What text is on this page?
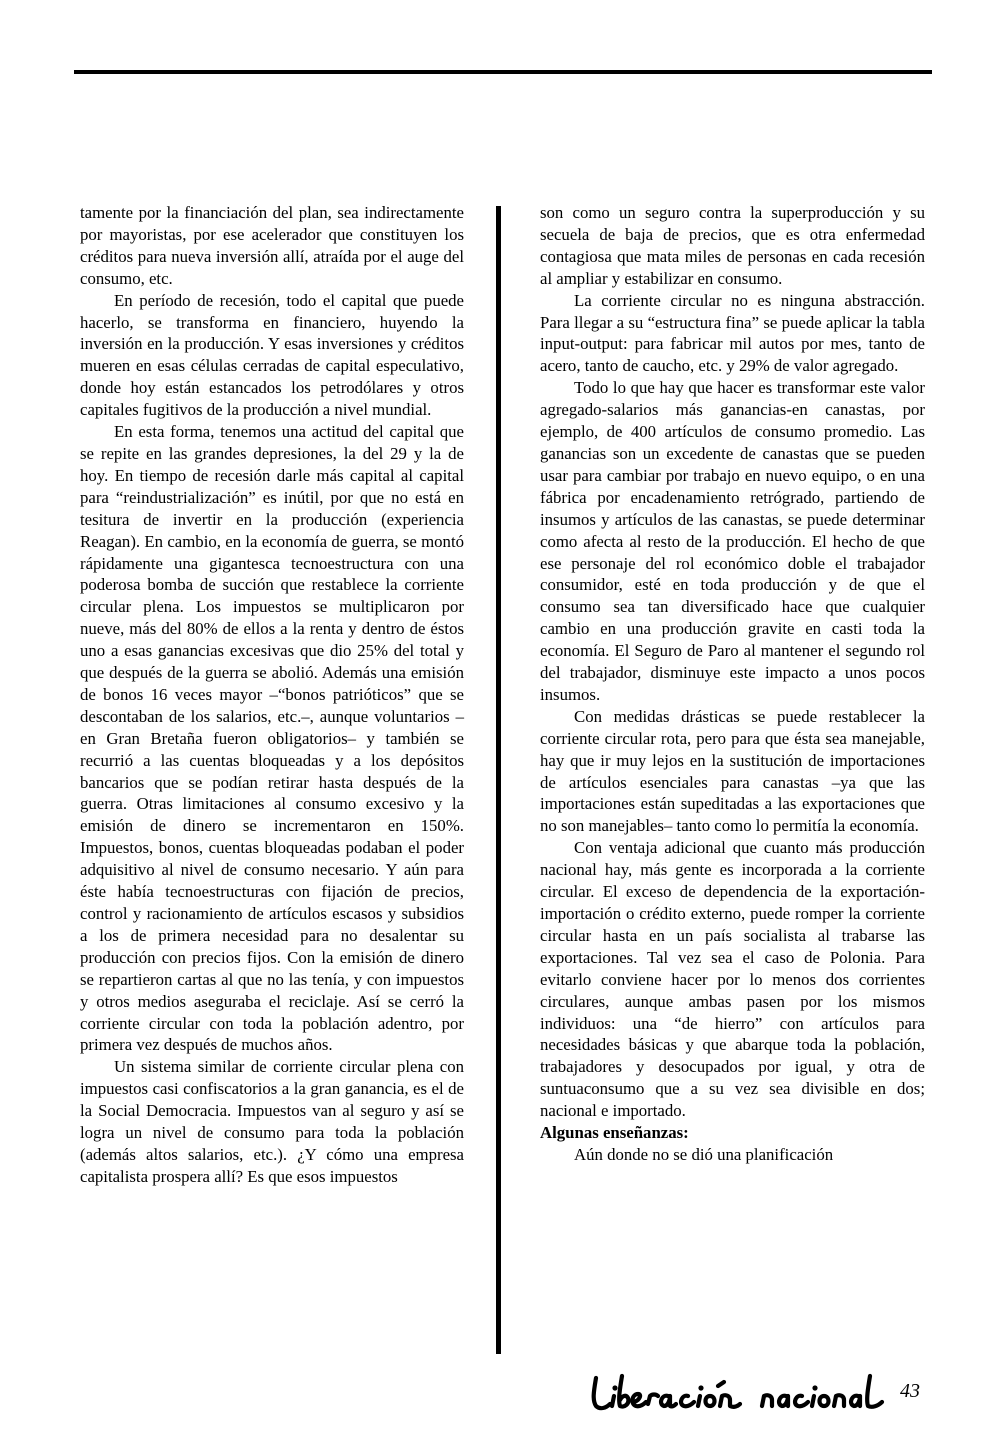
tamente por la financiación del plan, sea indirectamente por mayoristas, por ese acelerador que constituyen los créditos para nueva inversión allí, atraída por el auge del consumo, etc.

En período de recesión, todo el capital que puede hacerlo, se transforma en financiero, huyendo la inversión en la producción. Y esas inversiones y créditos mueren en esas células cerradas de capital especulativo, donde hoy están estancados los petrodólares y otros capitales fugitivos de la producción a nivel mundial.

En esta forma, tenemos una actitud del capital que se repite en las grandes depresiones, la del 29 y la de hoy. En tiempo de recesión darle más capital al capital para “reindustrialización” es inútil, por que no está en tesitura de invertir en la producción (experiencia Reagan). En cambio, en la economía de guerra, se montó rápidamente una gigantesca tecnoestructura con una poderosa bomba de succión que restablece la corriente circular plena. Los impuestos se multiplicaron por nueve, más del 80% de ellos a la renta y dentro de éstos uno a esas ganancias excesivas que dio 25% del total y que después de la guerra se abolió. Además una emisión de bonos 16 veces mayor –“bonos patrióticos” que se descontaban de los salarios, etc.–, aunque voluntarios –en Gran Bretaña fueron obligatorios– y también se recurrió a las cuentas bloqueadas y a los depósitos bancarios que se podían retirar hasta después de la guerra. Otras limitaciones al consumo excesivo y la emisión de dinero se incrementaron en 150%. Impuestos, bonos, cuentas bloqueadas podaban el poder adquisitivo al nivel de consumo necesario. Y aún para éste había tecnoestructuras con fijación de precios, control y racionamiento de artículos escasos y subsidios a los de primera necesidad para no desalentar su producción con precios fijos. Con la emisión de dinero se repartieron cartas al que no las tenía, y con impuestos y otros medios aseguraba el reciclaje. Así se cerró la corriente circular con toda la población adentro, por primera vez después de muchos años.

Un sistema similar de corriente circular plena con impuestos casi confiscatorios a la gran ganancia, es el de la Social Democracia. Impuestos van al seguro y así se logra un nivel de consumo para toda la población (además altos salarios, etc.). ¿Y cómo una empresa capitalista prospera allí? Es que esos impuestos

son como un seguro contra la superproducción y su secuela de baja de precios, que es otra enfermedad contagiosa que mata miles de personas en cada recesión al ampliar y estabilizar en consumo.

La corriente circular no es ninguna abstracción. Para llegar a su “estructura fina” se puede aplicar la tabla input-output: para fabricar mil autos por mes, tanto de acero, tanto de caucho, etc. y 29% de valor agregado.

Todo lo que hay que hacer es transformar este valor agregado-salarios más ganancias-en canastas, por ejemplo, de 400 artículos de consumo promedio. Las ganancias son un excedente de canastas que se pueden usar para cambiar por trabajo en nuevo equipo, o en una fábrica por encadenamiento retrógrado, partiendo de insumos y artículos de las canastas, se puede determinar como afecta al resto de la producción. El hecho de que ese personaje del rol económico doble el trabajador consumidor, esté en toda producción y de que el consumo sea tan diversificado hace que cualquier cambio en una producción gravite en casti toda la economía. El Seguro de Paro al mantener el segundo rol del trabajador, disminuye este impacto a unos pocos insumos.

Con medidas drásticas se puede restablecer la corriente circular rota, pero para que ésta sea manejable, hay que ir muy lejos en la sustitución de importaciones de artículos esenciales para canastas –ya que las importaciones están supeditadas a las exportaciones que no son manejables– tanto como lo permitía la economía.

Con ventaja adicional que cuanto más producción nacional hay, más gente es incorporada a la corriente circular. El exceso de dependencia de la exportación-importación o crédito externo, puede romper la corriente circular hasta en un país socialista al trabarse las exportaciones. Tal vez sea el caso de Polonia. Para evitarlo conviene hacer por lo menos dos corrientes circulares, aunque ambas pasen por los mismos individuos: una “de hierro” con artículos para necesidades básicas y que abarque toda la población, trabajadores y desocupados por igual, y otra de suntuaconsumo que a su vez sea divisible en dos; nacional e importado.

Algunas enseñanzas:

Aún donde no se dió una planificación

43
